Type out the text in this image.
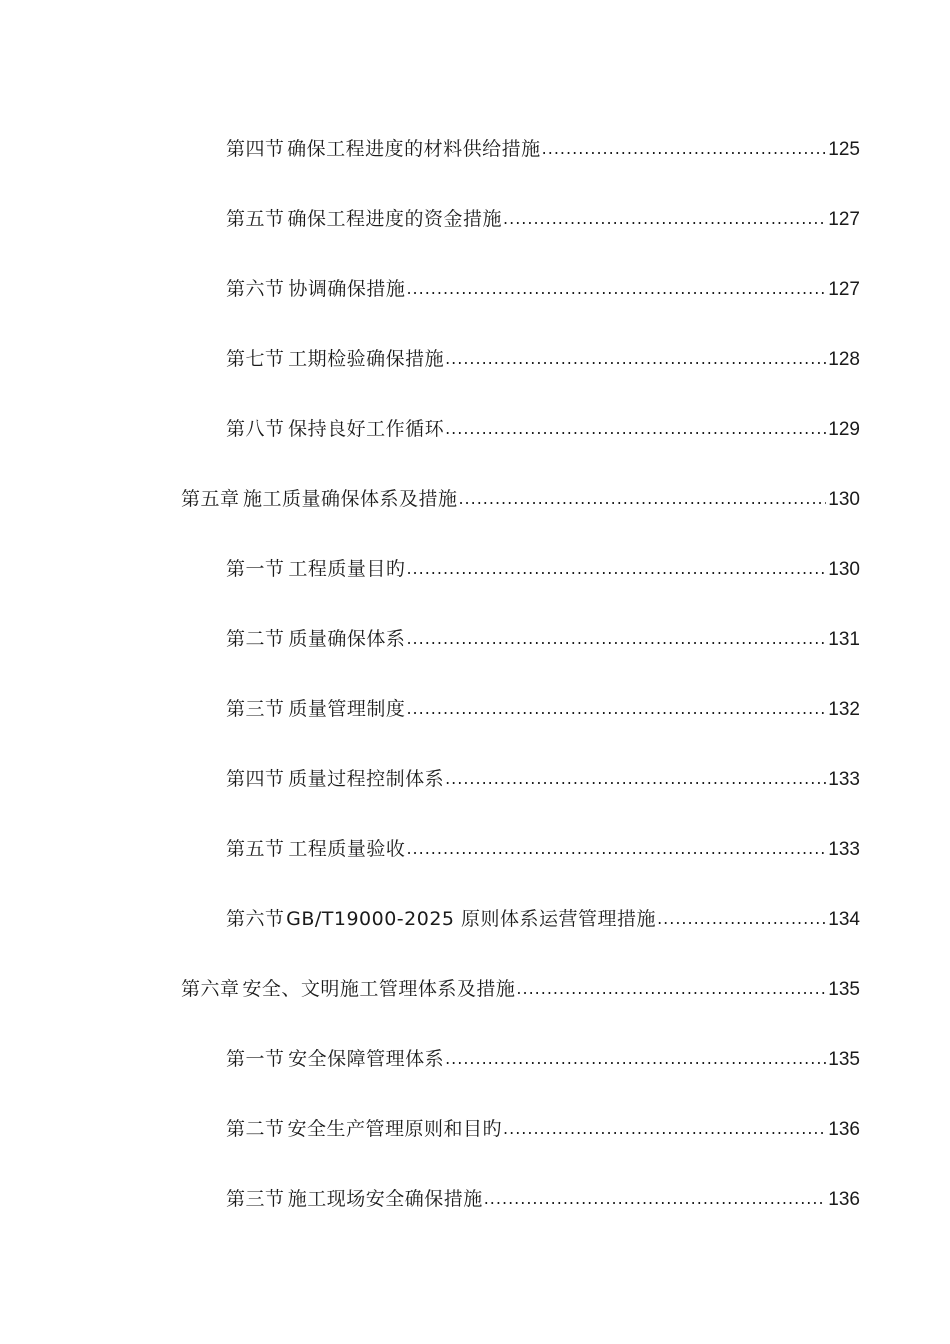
第四节 确保工程进度的材料供给措施 .....	125
第五节 确保工程进度的资金措施 .....	127
第六节 协调确保措施 .....	127
第七节 工期检验确保措施 .....	128
第八节 保持良好工作循环 .....	129
第五章 施工质量确保体系及措施 .....	130
第一节 工程质量目旳 .....	130
第二节 质量确保体系 .....	131
第三节 质量管理制度 .....	132
第四节 质量过程控制体系 .....	133
第五节 工程质量验收 .....	133
第六节 GB/T19000-2025 原则体系运营管理措施 .....	134
第六章 安全、文明施工管理体系及措施 .....	135
第一节 安全保障管理体系 .....	135
第二节 安全生产管理原则和目旳 .....	136
第三节 施工现场安全确保措施 .....	136
